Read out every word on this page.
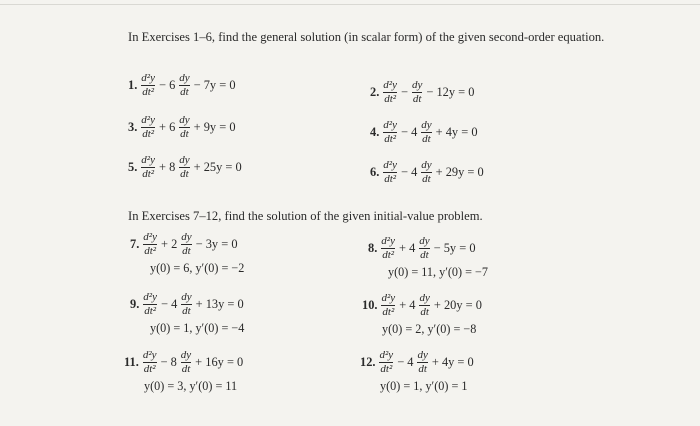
In Exercises 1–6, find the general solution (in scalar form) of the given second-order equation.
1. $\frac{\text{d²y}}{\text{dt²}} - 6 \frac{dy}{dt} - 7y = 0$	2. $\frac{\text{d²y}}{\text{dt²}} - \frac{dy}{dt} - 12y = 0$
3. $\frac{\text{d²y}}{\text{dt²}} + 6 \frac{dy}{dt} + 9y = 0$	4. $\frac{\text{d²y}}{\text{dt²}} - 4 \frac{dy}{dt} + 4y = 0$
5. $\frac{\text{d²y}}{\text{dt²}} + 8 \frac{dy}{dt} + 25y = 0$	6. $\frac{\text{d²y}}{\text{dt²}} - 4 \frac{dy}{dt} + 29y = 0$
7. $\frac{\text{d²y}}{\text{dt²}} + 2 \frac{dy}{dt} - 3y = 0$
y(0) = 6, y′(0) = −2
8. $\frac{\text{d²y}}{\text{dt²}} + 4 \frac{dy}{dt} - 5y = 0$
y(0) = 11, y′(0) = −7
9. $\frac{\text{d²y}}{\text{dt²}} - 4 \frac{dy}{dt} + 13y = 0$
y(0) = 1, y′(0) = −4
10. $\frac{\text{d²y}}{\text{dt²}} + 4 \frac{dy}{dt} + 20y = 0$
y(0) = 2, y′(0) = −8
11. $\frac{\text{d²y}}{\text{dt²}} - 8 \frac{dy}{dt} + 16y = 0$
y(0) = 3, y′(0) = 11
12. $\frac{\text{d²y}}{\text{dt²}} - 4 \frac{dy}{dt} + 4y = 0$
y(0) = 1, y′(0) = 1
In Exercises 7–12, find the solution of the given initial-value problem.
